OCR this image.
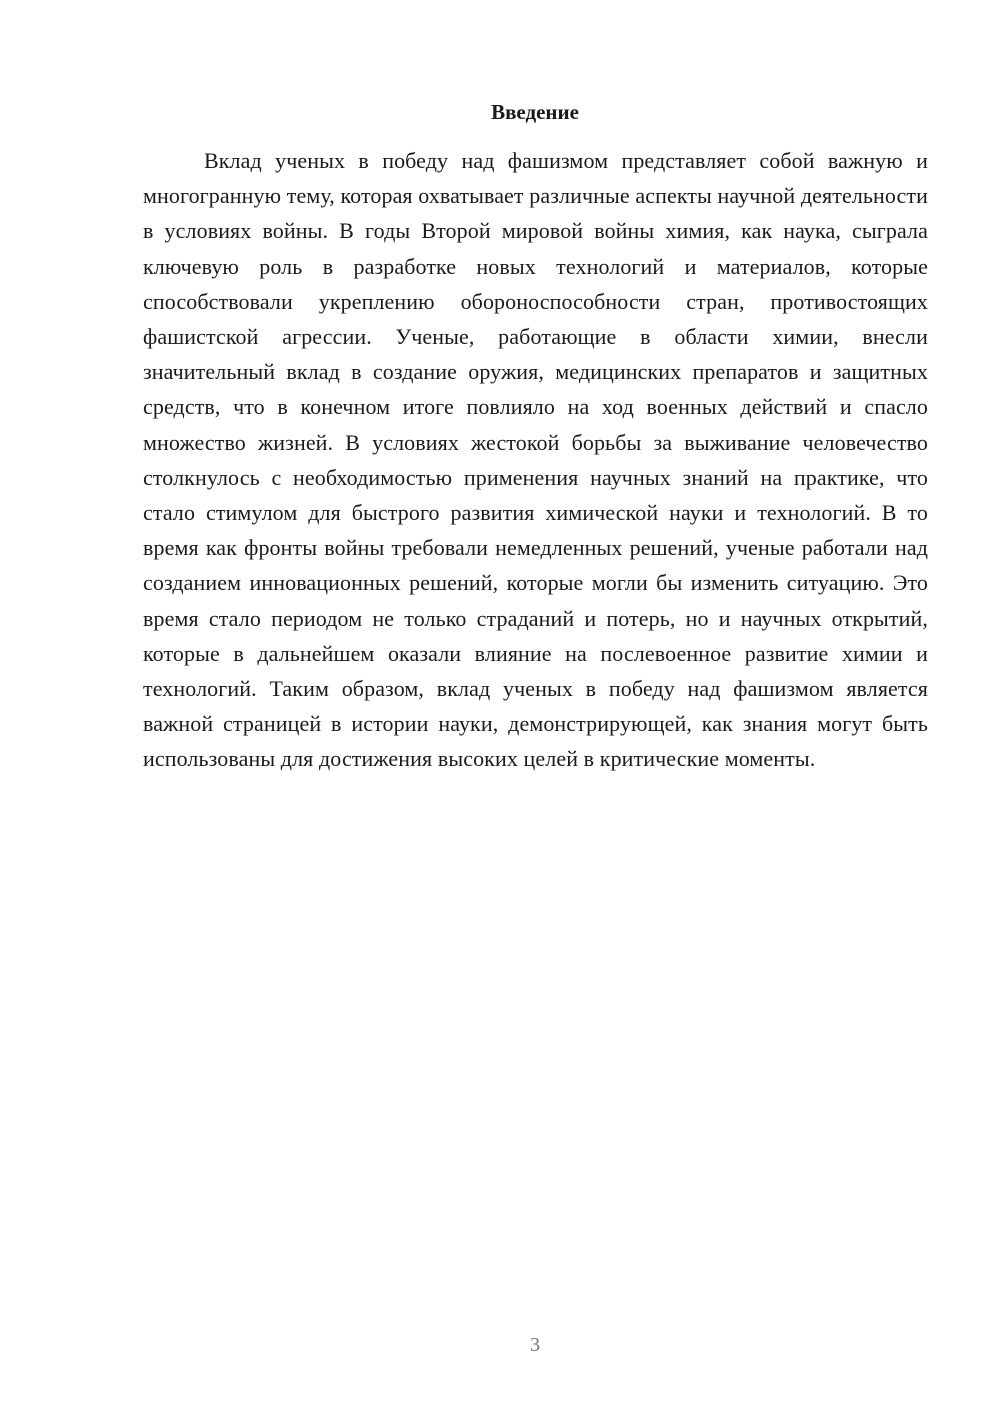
Введение

Вклад ученых в победу над фашизмом представляет собой важную и многогранную тему, которая охватывает различные аспекты научной деятельности в условиях войны. В годы Второй мировой войны химия, как наука, сыграла ключевую роль в разработке новых технологий и материалов, которые способствовали укреплению обороноспособности стран, противостоящих фашистской агрессии. Ученые, работающие в области химии, внесли значительный вклад в создание оружия, медицинских препаратов и защитных средств, что в конечном итоге повлияло на ход военных действий и спасло множество жизней. В условиях жестокой борьбы за выживание человечество столкнулось с необходимостью применения научных знаний на практике, что стало стимулом для быстрого развития химической науки и технологий. В то время как фронты войны требовали немедленных решений, ученые работали над созданием инновационных решений, которые могли бы изменить ситуацию. Это время стало периодом не только страданий и потерь, но и научных открытий, которые в дальнейшем оказали влияние на послевоенное развитие химии и технологий. Таким образом, вклад ученых в победу над фашизмом является важной страницей в истории науки, демонстрирующей, как знания могут быть использованы для достижения высоких целей в критические моменты.

3
